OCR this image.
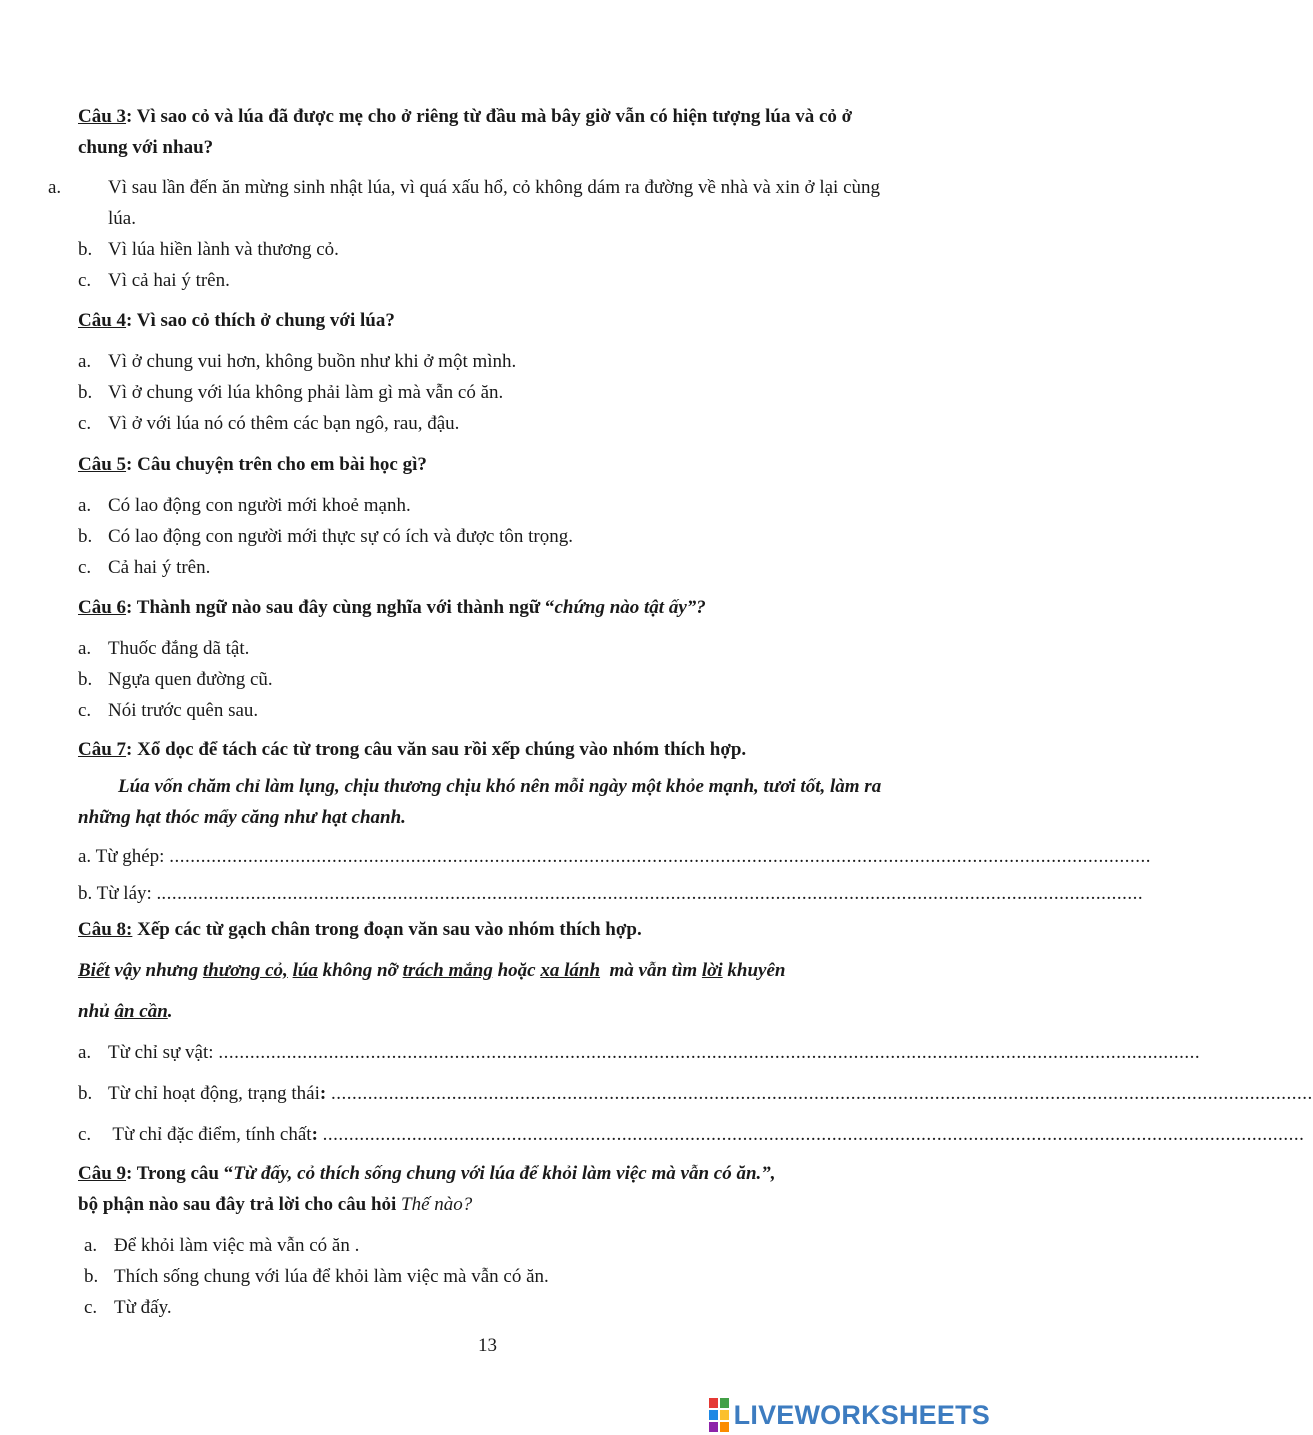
Câu 3: Vì sao cỏ và lúa đã được mẹ cho ở riêng từ đầu mà bây giờ vẫn có hiện tượng lúa và cỏ ở chung với nhau?
a. Vì sau lần đến ăn mừng sinh nhật lúa, vì quá xấu hổ, cỏ không dám ra đường về nhà và xin ở lại cùng lúa.
b. Vì lúa hiền lành và thương cỏ.
c. Vì cả hai ý trên.
Câu 4: Vì sao cỏ thích ở chung với lúa?
a. Vì ở chung vui hơn, không buồn như khi ở một mình.
b. Vì ở chung với lúa không phải làm gì mà vẫn có ăn.
c. Vì ở với lúa nó có thêm các bạn ngô, rau, đậu.
Câu 5: Câu chuyện trên cho em bài học gì?
a. Có lao động con người mới khoẻ mạnh.
b. Có lao động con người mới thực sự có ích và được tôn trọng.
c. Cả hai ý trên.
Câu 6: Thành ngữ nào sau đây cùng nghĩa với thành ngữ “chứng nào tật ấy”?
a. Thuốc đắng dã tật.
b. Ngựa quen đường cũ.
c. Nói trước quên sau.
Câu 7: Xổ dọc để tách các từ trong câu văn sau rồi xếp chúng vào nhóm thích hợp.
Lúa vốn chăm chỉ làm lụng, chịu thương chịu khó nên mỗi ngày một khỏe mạnh, tươi tốt, làm ra những hạt thóc mẩy căng như hạt chanh.
a. Từ ghép: ...........................................................................................................................................................................................
b. Từ láy: ............................................................................................................................................................................................
Câu 8: Xếp các từ gạch chân trong đoạn văn sau vào nhóm thích hợp.
Biết vậy nhưng thương cỏ, lúa không nỡ trách mắng hoặc xa lánh  mà vẫn tìm lời khuyên
nhủ ân cần.
a. Từ chỉ sự vật: ...........................................................................................................................................................................................
b. Từ chỉ hoạt động, trạng thái: ...........................................................................................................................................................................................
c. Từ chỉ đặc điểm, tính chất: ...........................................................................................................................................................................................
Câu 9: Trong câu “Từ đấy, cỏ thích sống chung với lúa để khỏi làm việc mà vẫn có ăn.”,
bộ phận nào sau đây trả lời cho câu hỏi Thế nào?
a. Để khỏi làm việc mà vẫn có ăn .
b. Thích sống chung với lúa để khỏi làm việc mà vẫn có ăn.
c. Từ đấy.
13
LIVEWORKSHEETS
